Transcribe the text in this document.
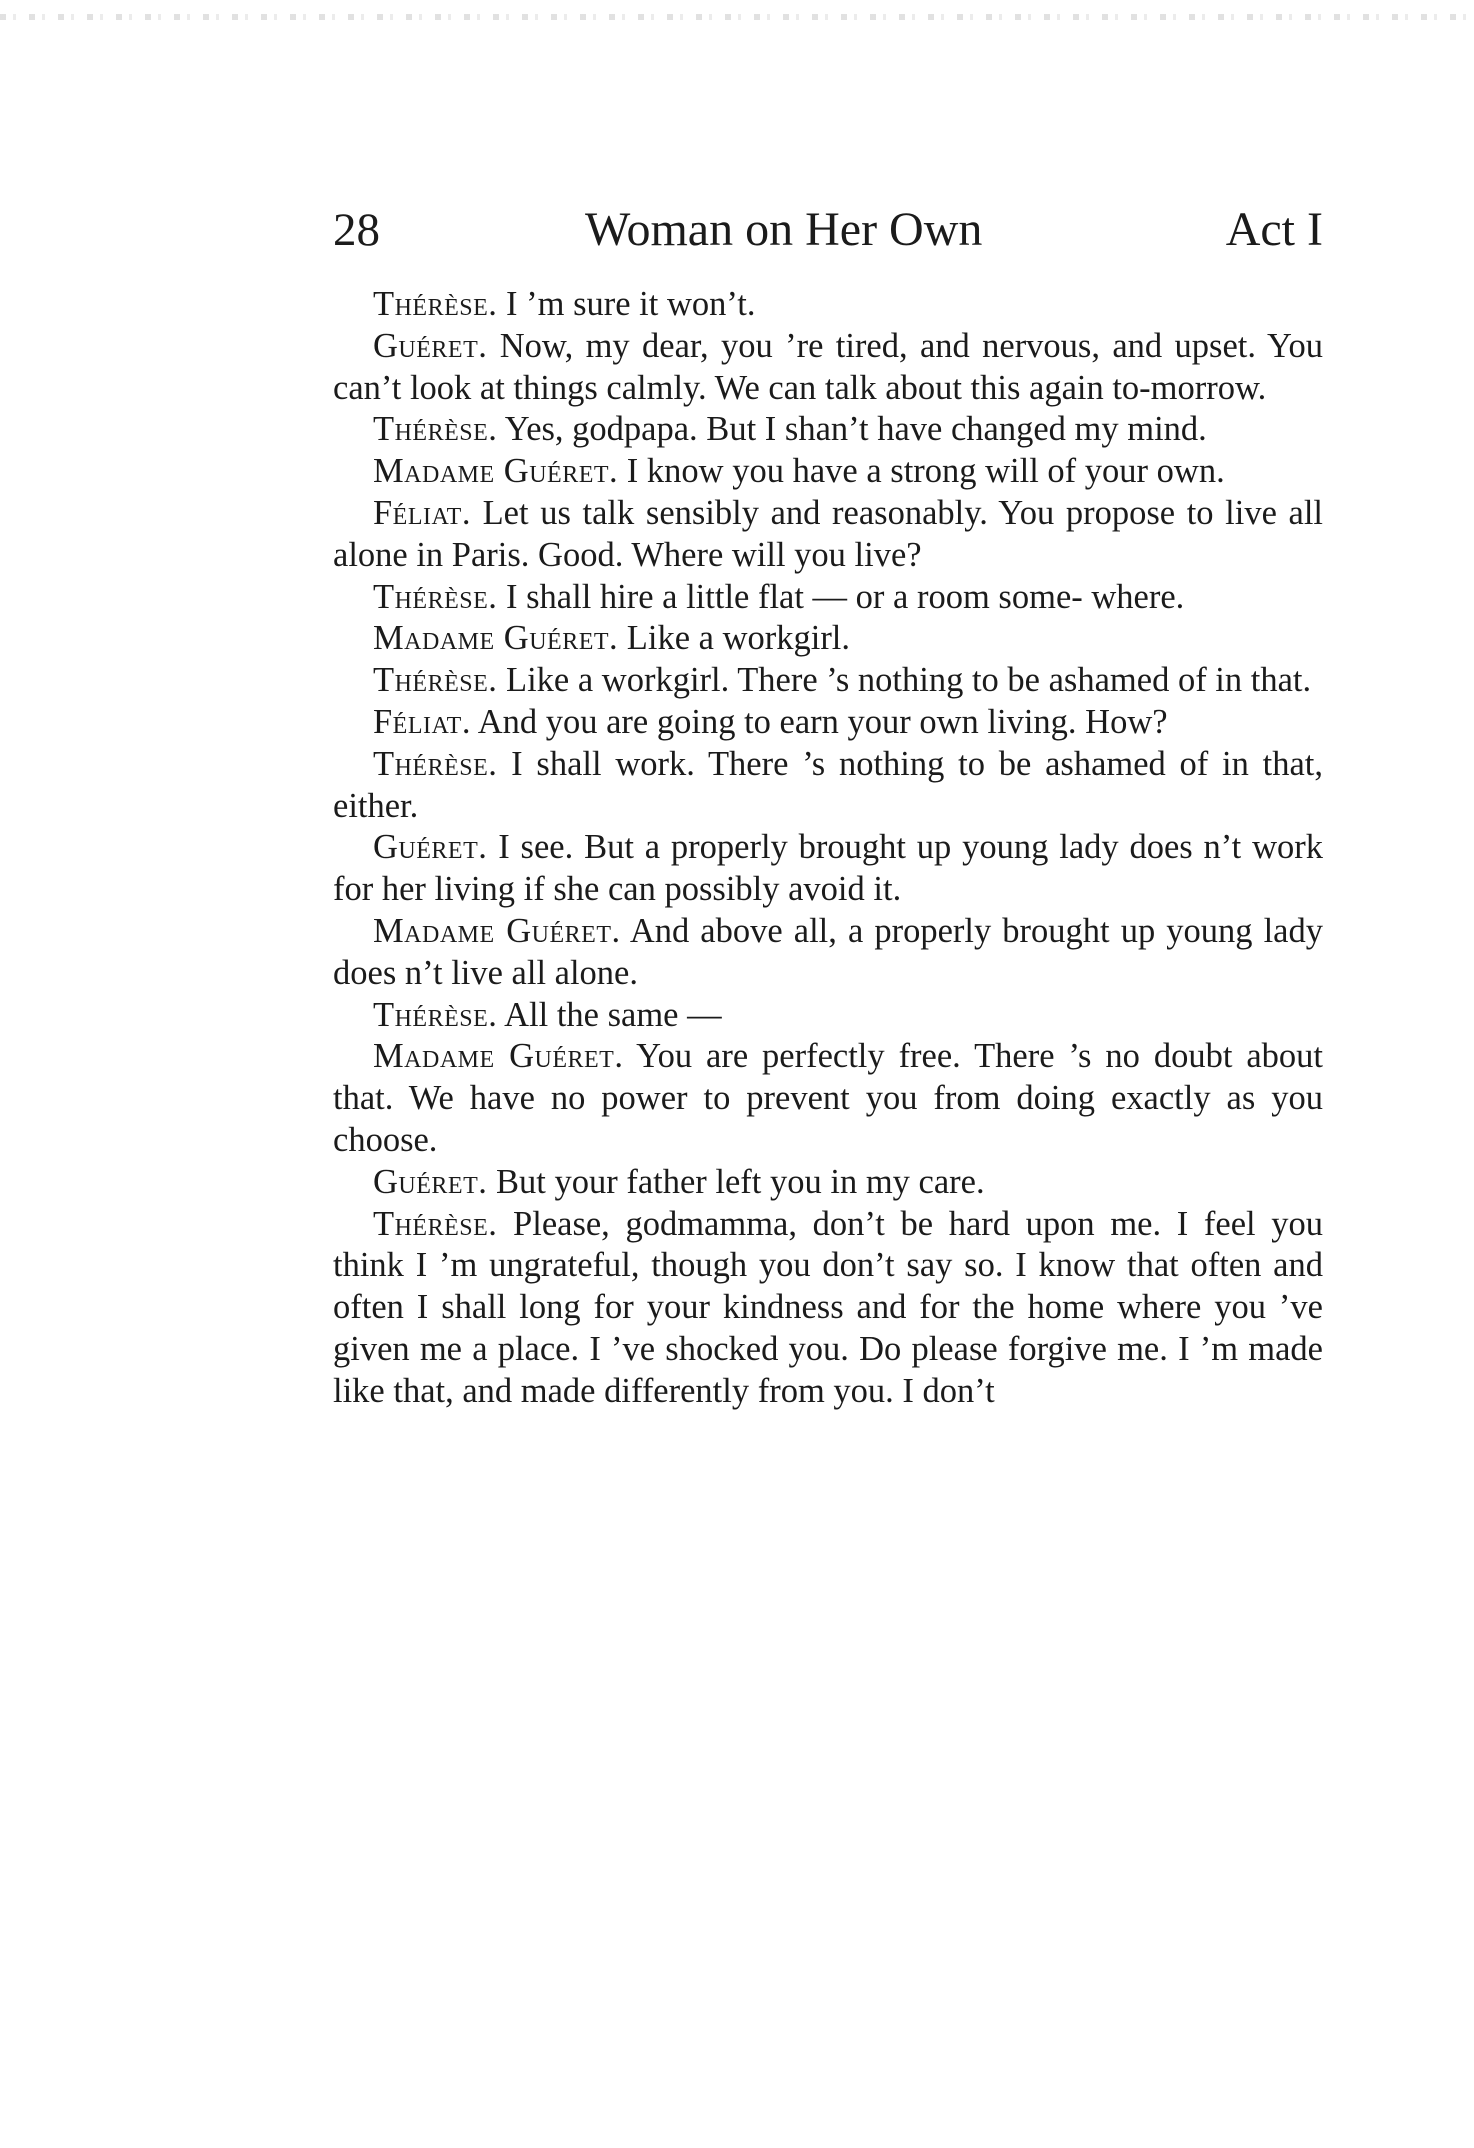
28	Woman on Her Own	Act I

Thérèse. I ’m sure it won’t.

Guéret. Now, my dear, you ’re tired, and nervous, and upset. You can’t look at things calmly. We can talk about this again to-morrow.

Thérèse. Yes, godpapa. But I shan’t have changed my mind.

Madame Guéret. I know you have a strong will of your own.

Féliat. Let us talk sensibly and reasonably. You propose to live all alone in Paris. Good. Where will you live?

Thérèse. I shall hire a little flat — or a room some- where.

Madame Guéret. Like a workgirl.

Thérèse. Like a workgirl. There ’s nothing to be ashamed of in that.

Féliat. And you are going to earn your own living. How?

Thérèse. I shall work. There ’s nothing to be ashamed of in that, either.

Guéret. I see. But a properly brought up young lady does n’t work for her living if she can possibly avoid it.

Madame Guéret. And above all, a properly brought up young lady does n’t live all alone.

Thérèse. All the same —

Madame Guéret. You are perfectly free. There ’s no doubt about that. We have no power to prevent you from doing exactly as you choose.

Guéret. But your father left you in my care.

Thérèse. Please, godmamma, don’t be hard upon me. I feel you think I ’m ungrateful, though you don’t say so. I know that often and often I shall long for your kindness and for the home where you ’ve given me a place. I ’ve shocked you. Do please forgive me. I ’m made like that, and made differently from you. I don’t
